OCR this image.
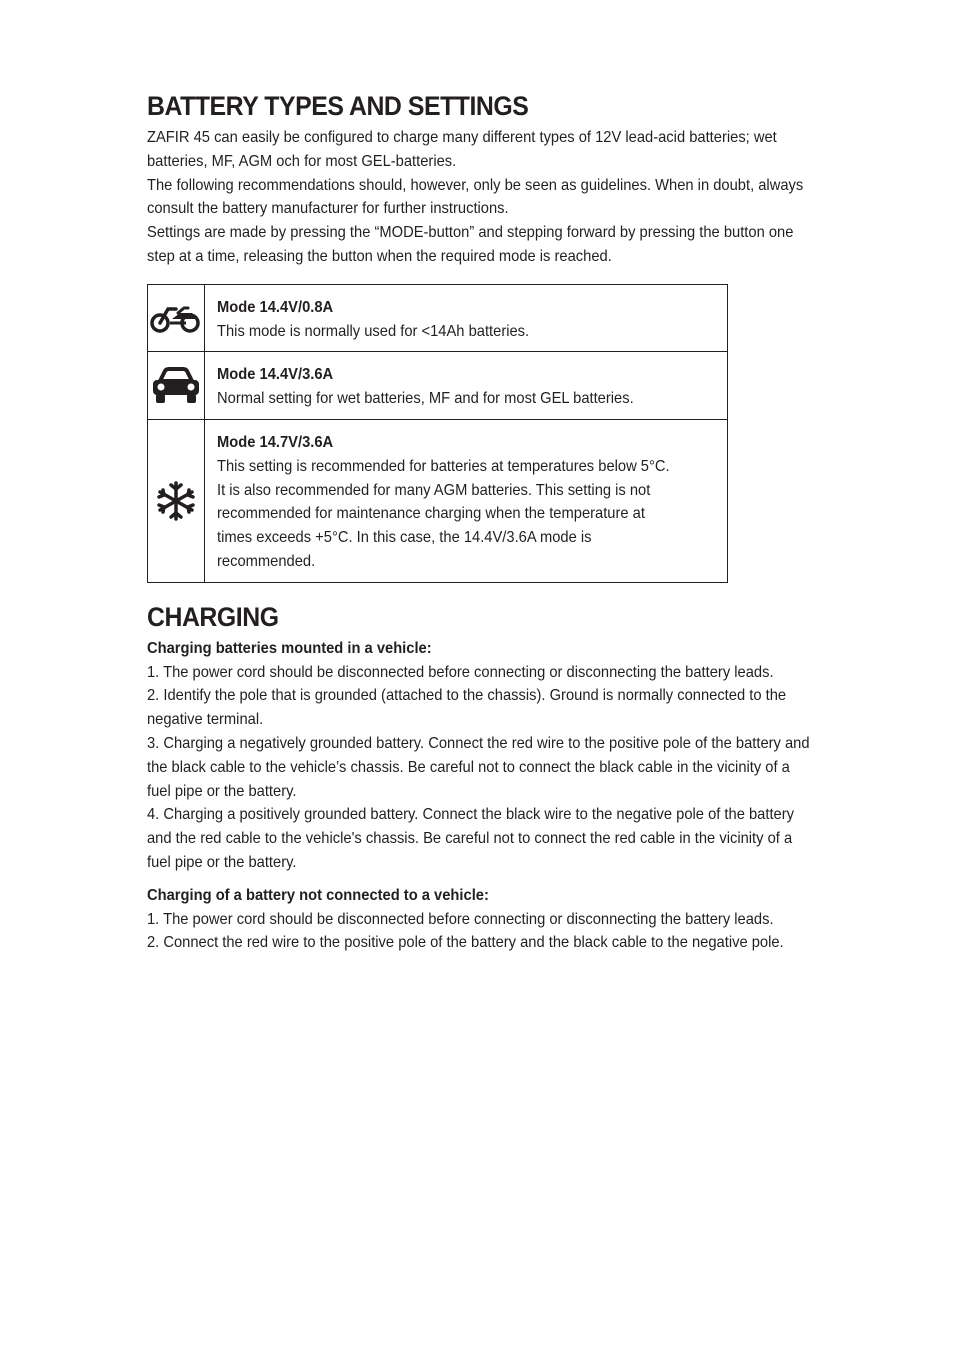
BATTERY TYPES AND SETTINGS

ZAFIR 45 can easily be configured to charge many different types of 12V lead-acid batteries; wet batteries, MF, AGM och for most GEL-batteries.

The following recommendations should, however, only be seen as guidelines. When in doubt, always consult the battery manufacturer for further instructions.

Settings are made by pressing the “MODE-button” and stepping forward by pressing the button one step at a time, releasing the button when the required mode is reached.

Mode 14.4V/0.8A
This mode is normally used for <14Ah batteries.

Mode 14.4V/3.6A
Normal setting for wet batteries, MF and for most GEL batteries.

Mode 14.7V/3.6A
This setting is recommended for batteries at temperatures below 5°C. It is also recommended for many AGM batteries. This setting is not recommended for maintenance charging when the temperature at times exceeds +5°C. In this case, the 14.4V/3.6A mode is recommended.
CHARGING

Charging batteries mounted in a vehicle:

1. The power cord should be disconnected before connecting or disconnecting the battery leads.

2. Identify the pole that is grounded (attached to the chassis). Ground is normally connected to the negative terminal.

3. Charging a negatively grounded battery. Connect the red wire to the positive pole of the battery and the black cable to the vehicle’s chassis. Be careful not to connect the black cable in the vicinity of a fuel pipe or the battery.

4. Charging a positively grounded battery. Connect the black wire to the negative pole of the battery and the red cable to the vehicle's chassis. Be careful not to connect the red cable in the vicinity of a fuel pipe or the battery.

Charging of a battery not connected to a vehicle:

1. The power cord should be disconnected before connecting or disconnecting the battery leads.

2. Connect the red wire to the positive pole of the battery and the black cable to the negative pole.
